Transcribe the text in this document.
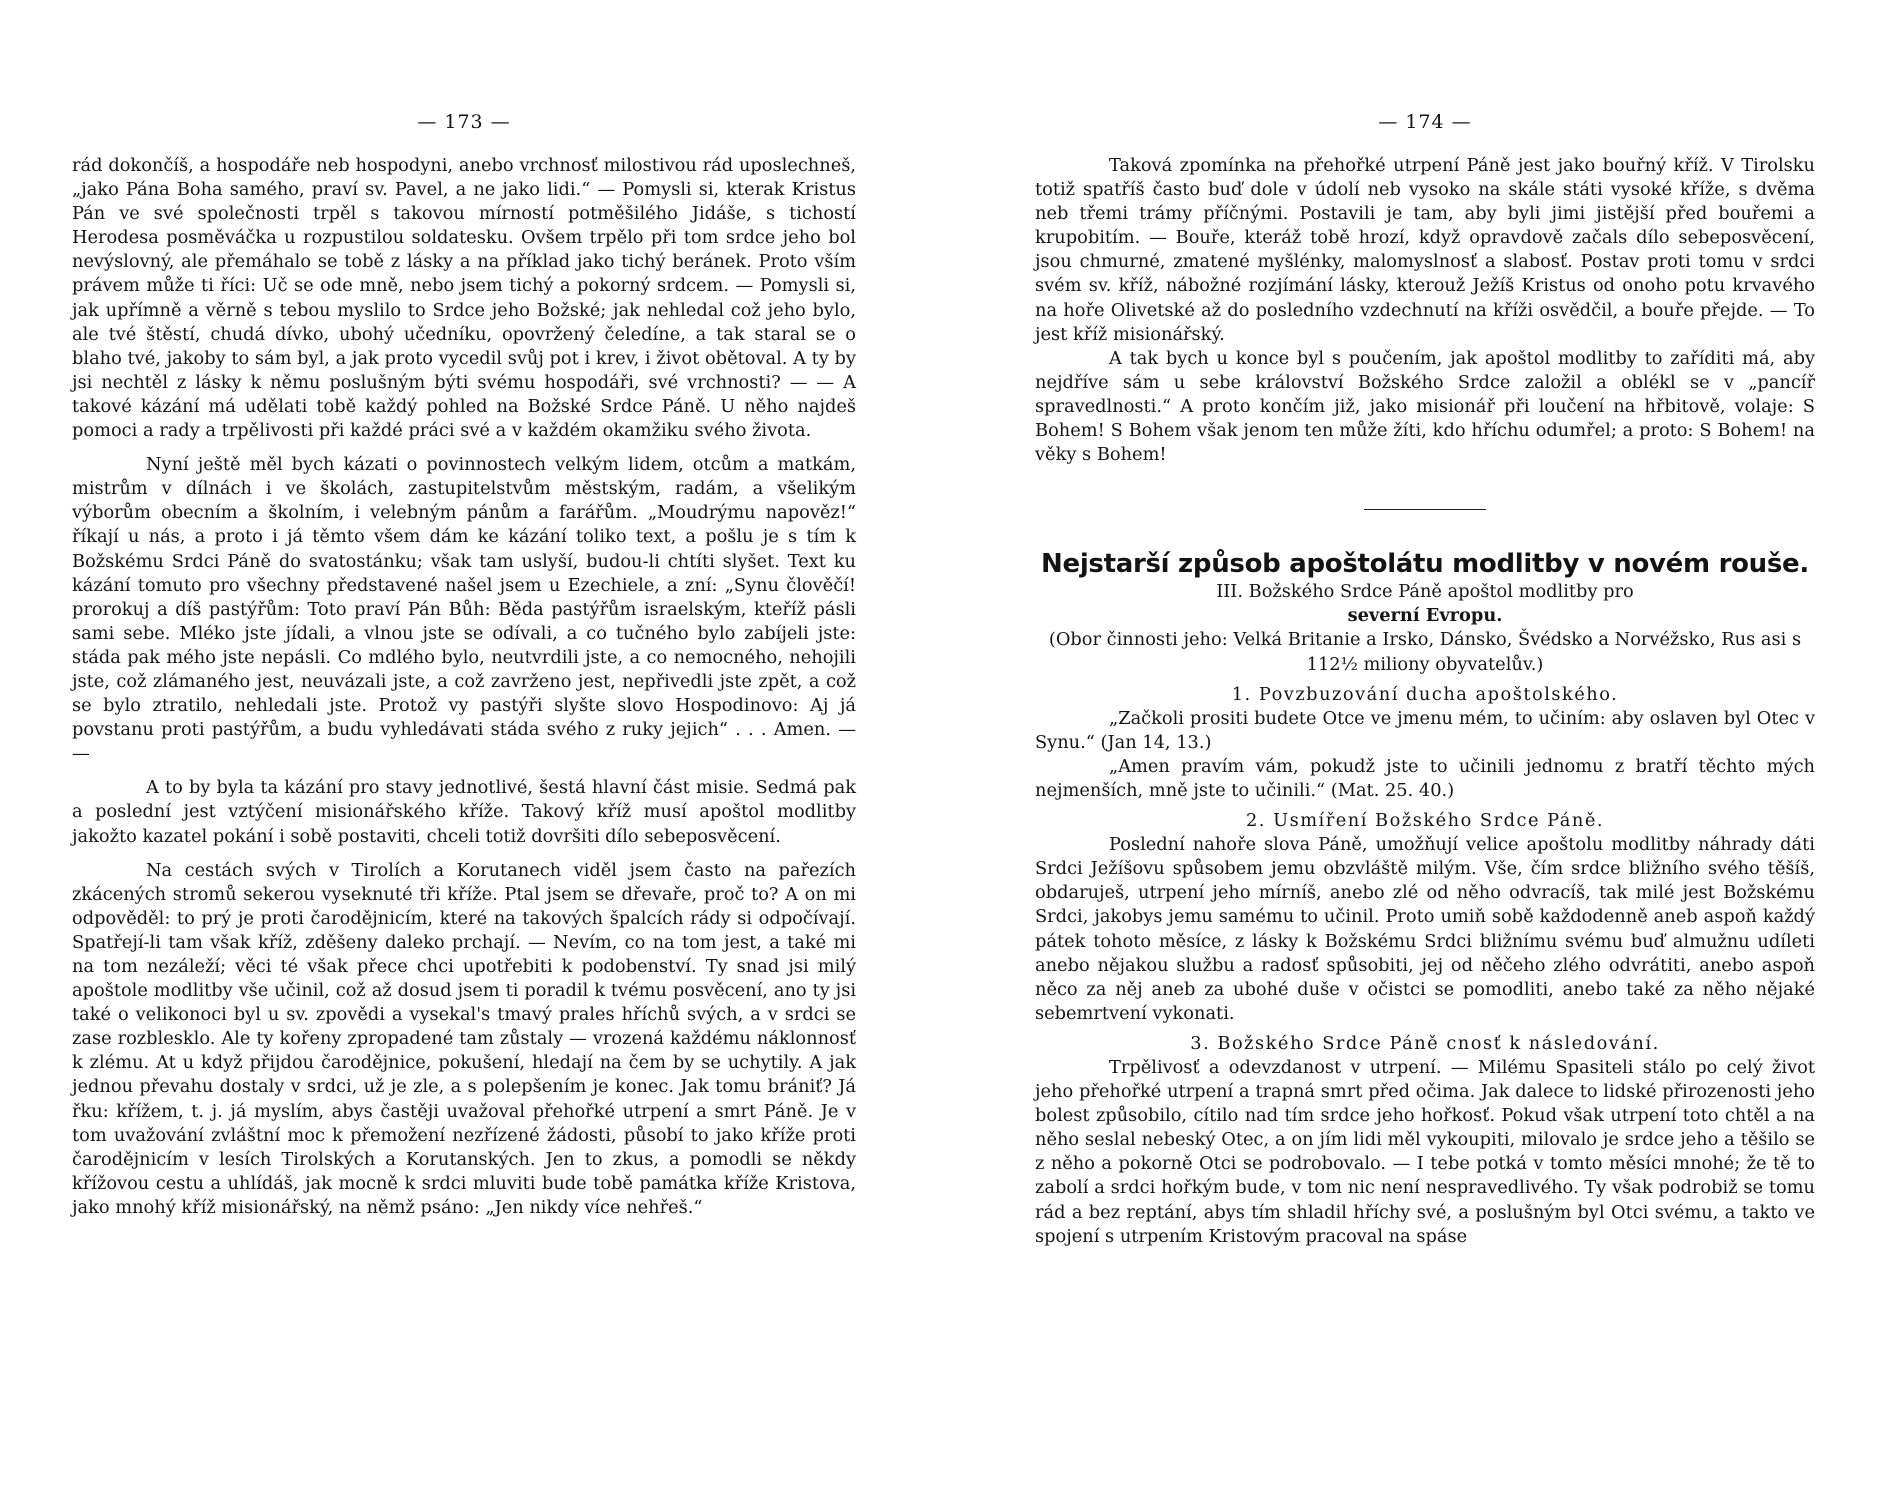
— 173 —

rád dokončíš, a hospodáře neb hospodyni, anebo vrchnosť milostivou rád uposlechneš, „jako Pána Boha samého, praví sv. Pavel, a ne jako lidi.“ — Pomysli si, kterak Kristus Pán ve své společnosti trpěl s takovou mírností potměšilého Jidáše, s tichostí Herodesa posměváčka u rozpustilou soldatesku. Ovšem trpělo při tom srdce jeho bol nevýslovný, ale přemáhalo se tobě z lásky a na příklad jako tichý beránek. Proto vším právem může ti říci: Uč se ode mně, nebo jsem tichý a pokorný srdcem. — Pomysli si, jak upřímně a věrně s tebou myslilo to Srdce jeho Božské; jak nehledal což jeho bylo, ale tvé štěstí, chudá dívko, ubohý učedníku, opovržený čeledíne, a tak staral se o blaho tvé, jakoby to sám byl, a jak proto vycedil svůj pot i krev, i život obětoval. A ty by jsi nechtěl z lásky k němu poslušným býti svému hospodáři, své vrchnosti? — — A takové kázání má udělati tobě každý pohled na Božské Srdce Páně. U něho najdeš pomoci a rady a trpělivosti při každé práci své a v každém okamžiku svého života.

Nyní ještě měl bych kázati o povinnostech velkým lidem, otcům a matkám, mistrům v dílnách i ve školách, zastupitelstvům městským, radám, a všelikým výborům obecním a školním, i velebným pánům a farářům. „Moudrýmu napověz!“ říkají u nás, a proto i já těmto všem dám ke kázání toliko text, a pošlu je s tím k Božskému Srdci Páně do svatostánku; však tam uslyší, budou-li chtíti slyšet. Text ku kázání tomuto pro všechny představené našel jsem u Ezechiele, a zní: „Synu člověčí! prorokuj a díš pastýřům: Toto praví Pán Bůh: Běda pastýřům israelským, kteříž pásli sami sebe. Mléko jste jídali, a vlnou jste se odívali, a co tučného bylo zabíjeli jste: stáda pak mého jste nepásli. Co mdlého bylo, neutvrdili jste, a co nemocného, nehojili jste, což zlámaného jest, neuvázali jste, a což zavrženo jest, nepřivedli jste zpět, a což se bylo ztratilo, nehledali jste. Protož vy pastýři slyšte slovo Hospodinovo: Aj já povstanu proti pastýřům, a budu vyhledávati stáda svého z ruky jejich“ . . . Amen. — —

A to by byla ta kázání pro stavy jednotlivé, šestá hlavní část misie. Sedmá pak a poslední jest vztýčení misionářského kříže. Takový kříž musí apoštol modlitby jakožto kazatel pokání i sobě postaviti, chceli totiž dovršiti dílo sebeposvěcení.

Na cestách svých v Tirolích a Korutanech viděl jsem často na pařezích zkácených stromů sekerou vyseknuté tři kříže. Ptal jsem se dřevaře, proč to? A on mi odpověděl: to prý je proti čarodějnicím, které na takových špalcích rády si odpočívají. Spatřejí-li tam však kříž, zděšeny daleko prchají. — Nevím, co na tom jest, a také mi na tom nezáleží; věci té však přece chci upotřebiti k podobenství. Ty snad jsi milý apoštole modlitby vše učinil, což až dosud jsem ti poradil k tvému posvěcení, ano ty jsi také o velikonoci byl u sv. zpovědi a vysekal's tmavý prales hříchů svých, a v srdci se zase rozblesklo. Ale ty kořeny zpropadené tam zůstaly — vrozená každému náklonnosť k zlému. At u když přijdou čarodějnice, pokušení, hledají na čem by se uchytily. A jak jednou převahu dostaly v srdci, už je zle, a s polepšením je konec. Jak tomu brániť? Já řku: křížem, t. j. já myslím, abys častěji uvažoval přehořké utrpení a smrt Páně. Je v tom uvažování zvláštní moc k přemožení nezřízené žádosti, působí to jako kříže proti čarodějnicím v lesích Tirolských a Korutanských. Jen to zkus, a pomodli se někdy křížovou cestu a uhlídáš, jak mocně k srdci mluviti bude tobě památka kříže Kristova, jako mnohý kříž misionářský, na němž psáno: „Jen nikdy více nehřeš.“

— 174 —

Taková zpomínka na přehořké utrpení Páně jest jako bouřný kříž. V Tirolsku totiž spatříš často buď dole v údolí neb vysoko na skále státi vysoké kříže, s dvěma neb třemi trámy příčnými. Postavili je tam, aby byli jimi jistější před bouřemi a krupobitím. — Bouře, kteráž tobě hrozí, když opravdově začals dílo sebeposvěcení, jsou chmurné, zmatené myšlénky, malomyslnosť a slabosť. Postav proti tomu v srdci svém sv. kříž, nábožné rozjímání lásky, kterouž Ježíš Kristus od onoho potu krvavého na hoře Olivetské až do posledního vzdechnutí na kříži osvědčil, a bouře přejde. — To jest kříž misionářský.

A tak bych u konce byl s poučením, jak apoštol modlitby to zaříditi má, aby nejdříve sám u sebe království Božského Srdce založil a oblékl se v „pancíř spravedlnosti.“ A proto končím již, jako misionář při loučení na hřbitově, volaje: S Bohem! S Bohem však jenom ten může žíti, kdo hříchu odumřel; a proto: S Bohem! na věky s Bohem!

Nejstarší způsob apoštolátu modlitby v novém rouše.

III. Božského Srdce Páně apoštol modlitby pro

severní Evropu.

(Obor činnosti jeho: Velká Britanie a Irsko, Dánsko, Švédsko a Norvéžsko, Rus asi s 112½ miliony obyvatelův.)

1. Povzbuzování ducha apoštolského.

„Začkoli prositi budete Otce ve jmenu mém, to učiním: aby oslaven byl Otec v Synu.“ (Jan 14, 13.)

„Amen pravím vám, pokudž jste to učinili jednomu z bratří těchto mých nejmenších, mně jste to učinili.“ (Mat. 25. 40.)

2. Usmíření Božského Srdce Páně.

Poslední nahoře slova Páně, umožňují velice apoštolu modlitby náhrady dáti Srdci Ježíšovu spůsobem jemu obzvláště milým. Vše, čím srdce bližního svého těšíš, obdaruješ, utrpení jeho mírníš, anebo zlé od něho odvracíš, tak milé jest Božskému Srdci, jakobys jemu samému to učinil. Proto umiň sobě každodenně aneb aspoň každý pátek tohoto měsíce, z lásky k Božskému Srdci bližnímu svému buď almužnu udíleti anebo nějakou službu a radosť spůsobiti, jej od něčeho zlého odvrátiti, anebo aspoň něco za něj aneb za ubohé duše v očistci se pomodliti, anebo také za něho nějaké sebemrtvení vykonati.

3. Božského Srdce Páně cnosť k následování.

Trpělivosť a odevzdanost v utrpení. — Milému Spasiteli stálo po celý život jeho přehořké utrpení a trapná smrt před očima. Jak dalece to lidské přirozenosti jeho bolest způsobilo, cítilo nad tím srdce jeho hořkosť. Pokud však utrpení toto chtěl a na něho seslal nebeský Otec, a on jím lidi měl vykoupiti, milovalo je srdce jeho a těšilo se z něho a pokorně Otci se podrobovalo. — I tebe potká v tomto měsíci mnohé; že tě to zabolí a srdci hořkým bude, v tom nic není nespravedlivého. Ty však podrobiž se tomu rád a bez reptání, abys tím shladil hříchy své, a poslušným byl Otci svému, a takto ve spojení s utrpením Kristovým pracoval na spáse
